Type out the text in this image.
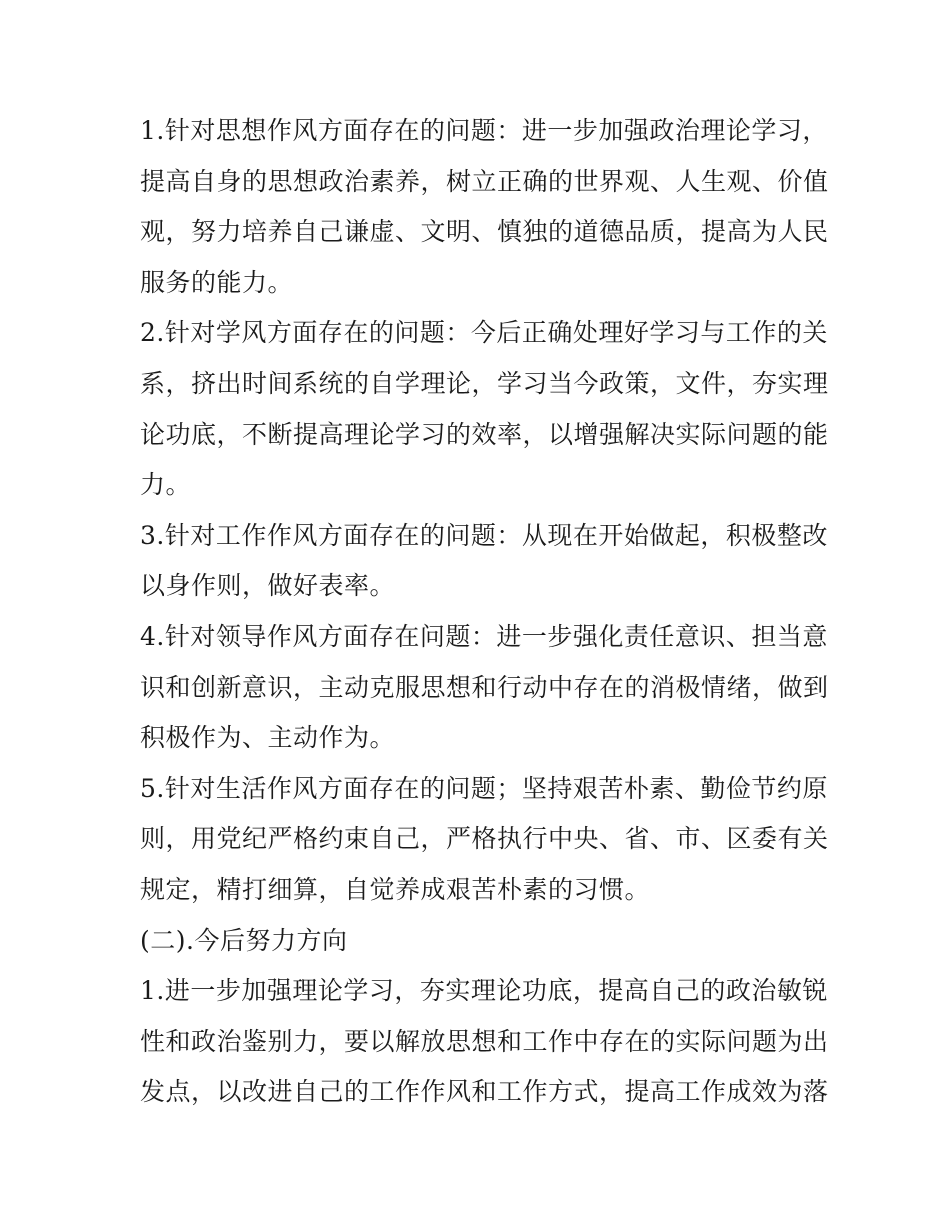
1.针对思想作风方面存在的问题：进一步加强政治理论学习，
提高自身的思想政治素养，树立正确的世界观、人生观、价值
观，努力培养自己谦虚、文明、慎独的道德品质，提高为人民
服务的能力。

2.针对学风方面存在的问题：今后正确处理好学习与工作的关
系，挤出时间系统的自学理论，学习当今政策，文件，夯实理
论功底，不断提高理论学习的效率，以增强解决实际问题的能
力。

3.针对工作作风方面存在的问题：从现在开始做起，积极整改
以身作则，做好表率。

4.针对领导作风方面存在问题：进一步强化责任意识、担当意
识和创新意识，主动克服思想和行动中存在的消极情绪，做到
积极作为、主动作为。

5.针对生活作风方面存在的问题；坚持艰苦朴素、勤俭节约原
则，用党纪严格约束自己，严格执行中央、省、市、区委有关
规定，精打细算，自觉养成艰苦朴素的习惯。

(二).今后努力方向

1.进一步加强理论学习，夯实理论功底，提高自己的政治敏锐
性和政治鉴别力，要以解放思想和工作中存在的实际问题为出
发点，以改进自己的工作作风和工作方式，提高工作成效为落
